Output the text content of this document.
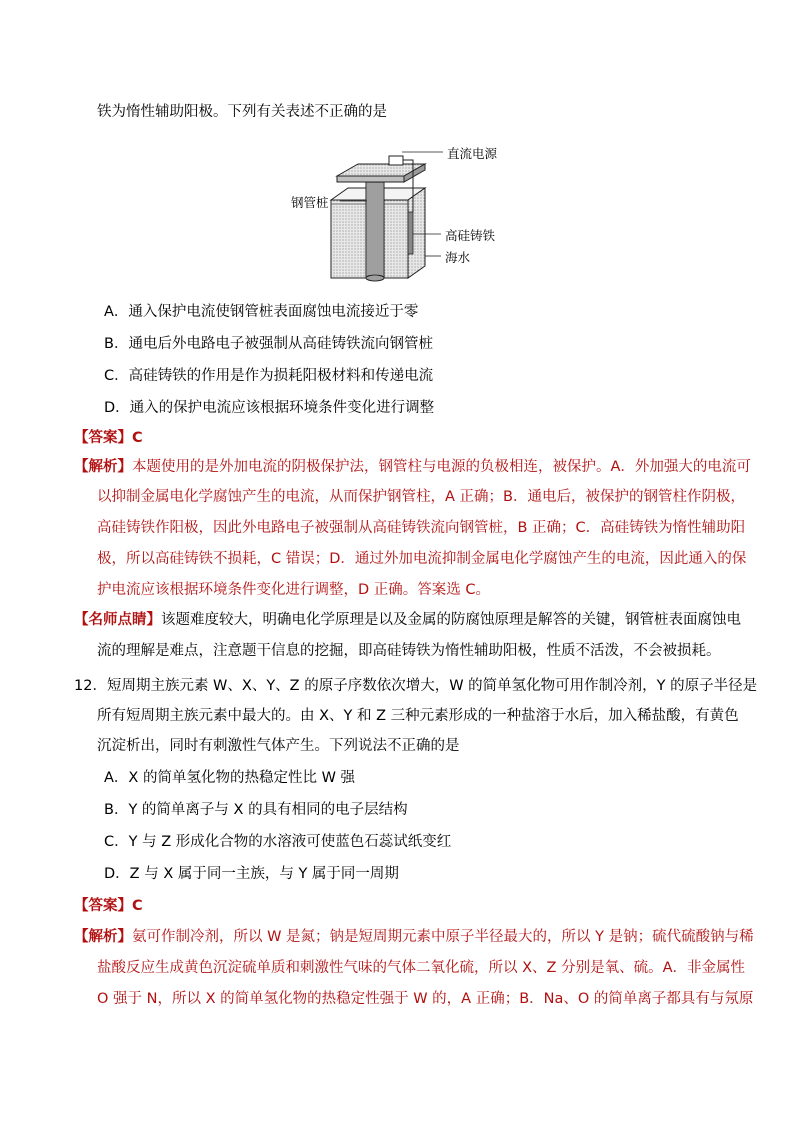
铁为惰性辅助阳极。下列有关表述不正确的是
直流电源
钢管桩
高硅铸铁
海水
A．通入保护电流使钢管桩表面腐蚀电流接近于零
B．通电后外电路电子被强制从高硅铸铁流向钢管桩
C．高硅铸铁的作用是作为损耗阳极材料和传递电流
D．通入的保护电流应该根据环境条件变化进行调整
【答案】C
【解析】本题使用的是外加电流的阴极保护法，钢管柱与电源的负极相连，被保护。A．外加强大的电流可
以抑制金属电化学腐蚀产生的电流，从而保护钢管柱，A 正确；B．通电后，被保护的钢管柱作阴极，
高硅铸铁作阳极，因此外电路电子被强制从高硅铸铁流向钢管桩，B 正确；C．高硅铸铁为惰性辅助阳
极，所以高硅铸铁不损耗，C 错误；D．通过外加电流抑制金属电化学腐蚀产生的电流，因此通入的保
护电流应该根据环境条件变化进行调整，D 正确。答案选 C。
【名师点睛】该题难度较大，明确电化学原理是以及金属的防腐蚀原理是解答的关键，钢管桩表面腐蚀电
流的理解是难点，注意题干信息的挖掘，即高硅铸铁为惰性辅助阳极，性质不活泼，不会被损耗。
12．短周期主族元素 W、X、Y、Z 的原子序数依次增大，W 的简单氢化物可用作制冷剂，Y 的原子半径是
所有短周期主族元素中最大的。由 X、Y 和 Z 三种元素形成的一种盐溶于水后，加入稀盐酸，有黄色
沉淀析出，同时有刺激性气体产生。下列说法不正确的是
A．X 的简单氢化物的热稳定性比 W 强
B．Y 的简单离子与 X 的具有相同的电子层结构
C．Y 与 Z 形成化合物的水溶液可使蓝色石蕊试纸变红
D．Z 与 X 属于同一主族，与 Y 属于同一周期
【答案】C
【解析】氨可作制冷剂，所以 W 是氮；钠是短周期元素中原子半径最大的，所以 Y 是钠；硫代硫酸钠与稀
盐酸反应生成黄色沉淀硫单质和刺激性气味的气体二氧化硫，所以 X、Z 分别是氧、硫。A．非金属性
O 强于 N，所以 X 的简单氢化物的热稳定性强于 W 的，A 正确；B．Na、O 的简单离子都具有与氖原
